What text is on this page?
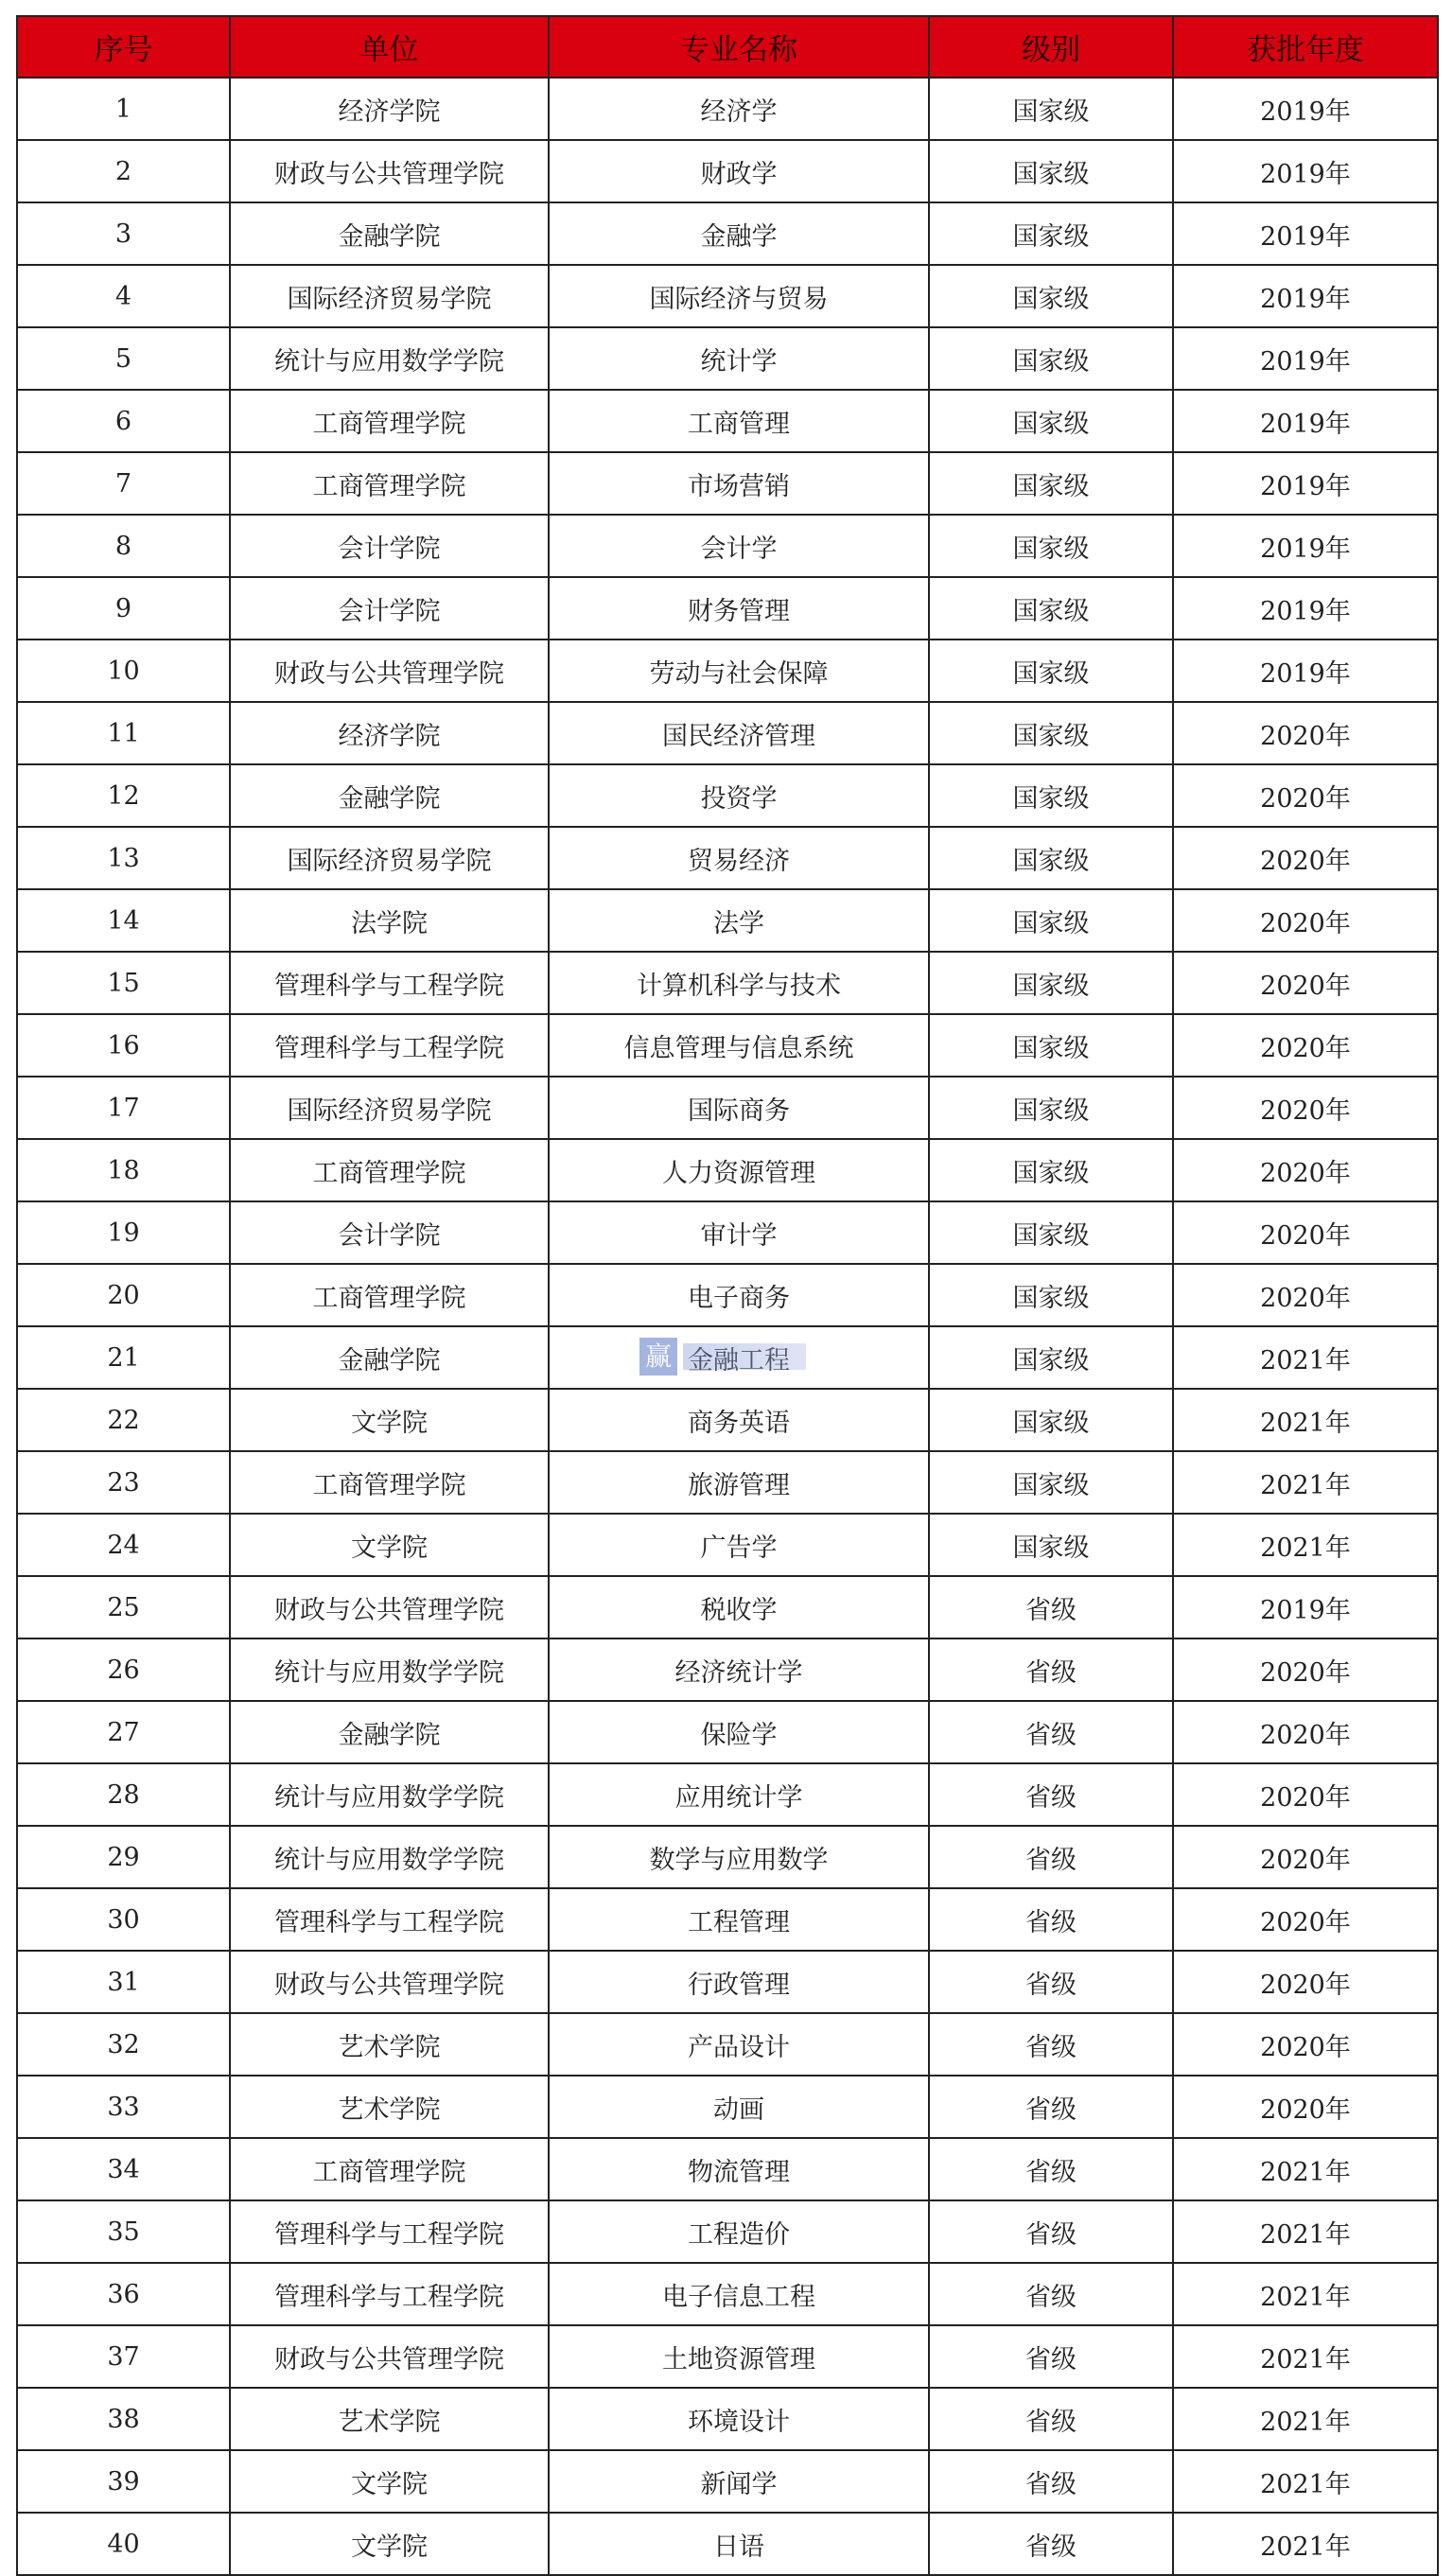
序号	单位	专业名称	级别	获批年度
1	经济学院	经济学	国家级	2019年
2	财政与公共管理学院	财政学	国家级	2019年
3	金融学院	金融学	国家级	2019年
4	国际经济贸易学院	国际经济与贸易	国家级	2019年
5	统计与应用数学学院	统计学	国家级	2019年
6	工商管理学院	工商管理	国家级	2019年
7	工商管理学院	市场营销	国家级	2019年
8	会计学院	会计学	国家级	2019年
9	会计学院	财务管理	国家级	2019年
10	财政与公共管理学院	劳动与社会保障	国家级	2019年
11	经济学院	国民经济管理	国家级	2020年
12	金融学院	投资学	国家级	2020年
13	国际经济贸易学院	贸易经济	国家级	2020年
14	法学院	法学	国家级	2020年
15	管理科学与工程学院	计算机科学与技术	国家级	2020年
16	管理科学与工程学院	信息管理与信息系统	国家级	2020年
17	国际经济贸易学院	国际商务	国家级	2020年
18	工商管理学院	人力资源管理	国家级	2020年
19	会计学院	审计学	国家级	2020年
20	工商管理学院	电子商务	国家级	2020年
21	金融学院	金融工程	国家级	2021年
22	文学院	商务英语	国家级	2021年
23	工商管理学院	旅游管理	国家级	2021年
24	文学院	广告学	国家级	2021年
25	财政与公共管理学院	税收学	省级	2019年
26	统计与应用数学学院	经济统计学	省级	2020年
27	金融学院	保险学	省级	2020年
28	统计与应用数学学院	应用统计学	省级	2020年
29	统计与应用数学学院	数学与应用数学	省级	2020年
30	管理科学与工程学院	工程管理	省级	2020年
31	财政与公共管理学院	行政管理	省级	2020年
32	艺术学院	产品设计	省级	2020年
33	艺术学院	动画	省级	2020年
34	工商管理学院	物流管理	省级	2021年
35	管理科学与工程学院	工程造价	省级	2021年
36	管理科学与工程学院	电子信息工程	省级	2021年
37	财政与公共管理学院	土地资源管理	省级	2021年
38	艺术学院	环境设计	省级	2021年
39	文学院	新闻学	省级	2021年
40	文学院	日语	省级	2021年
赢
